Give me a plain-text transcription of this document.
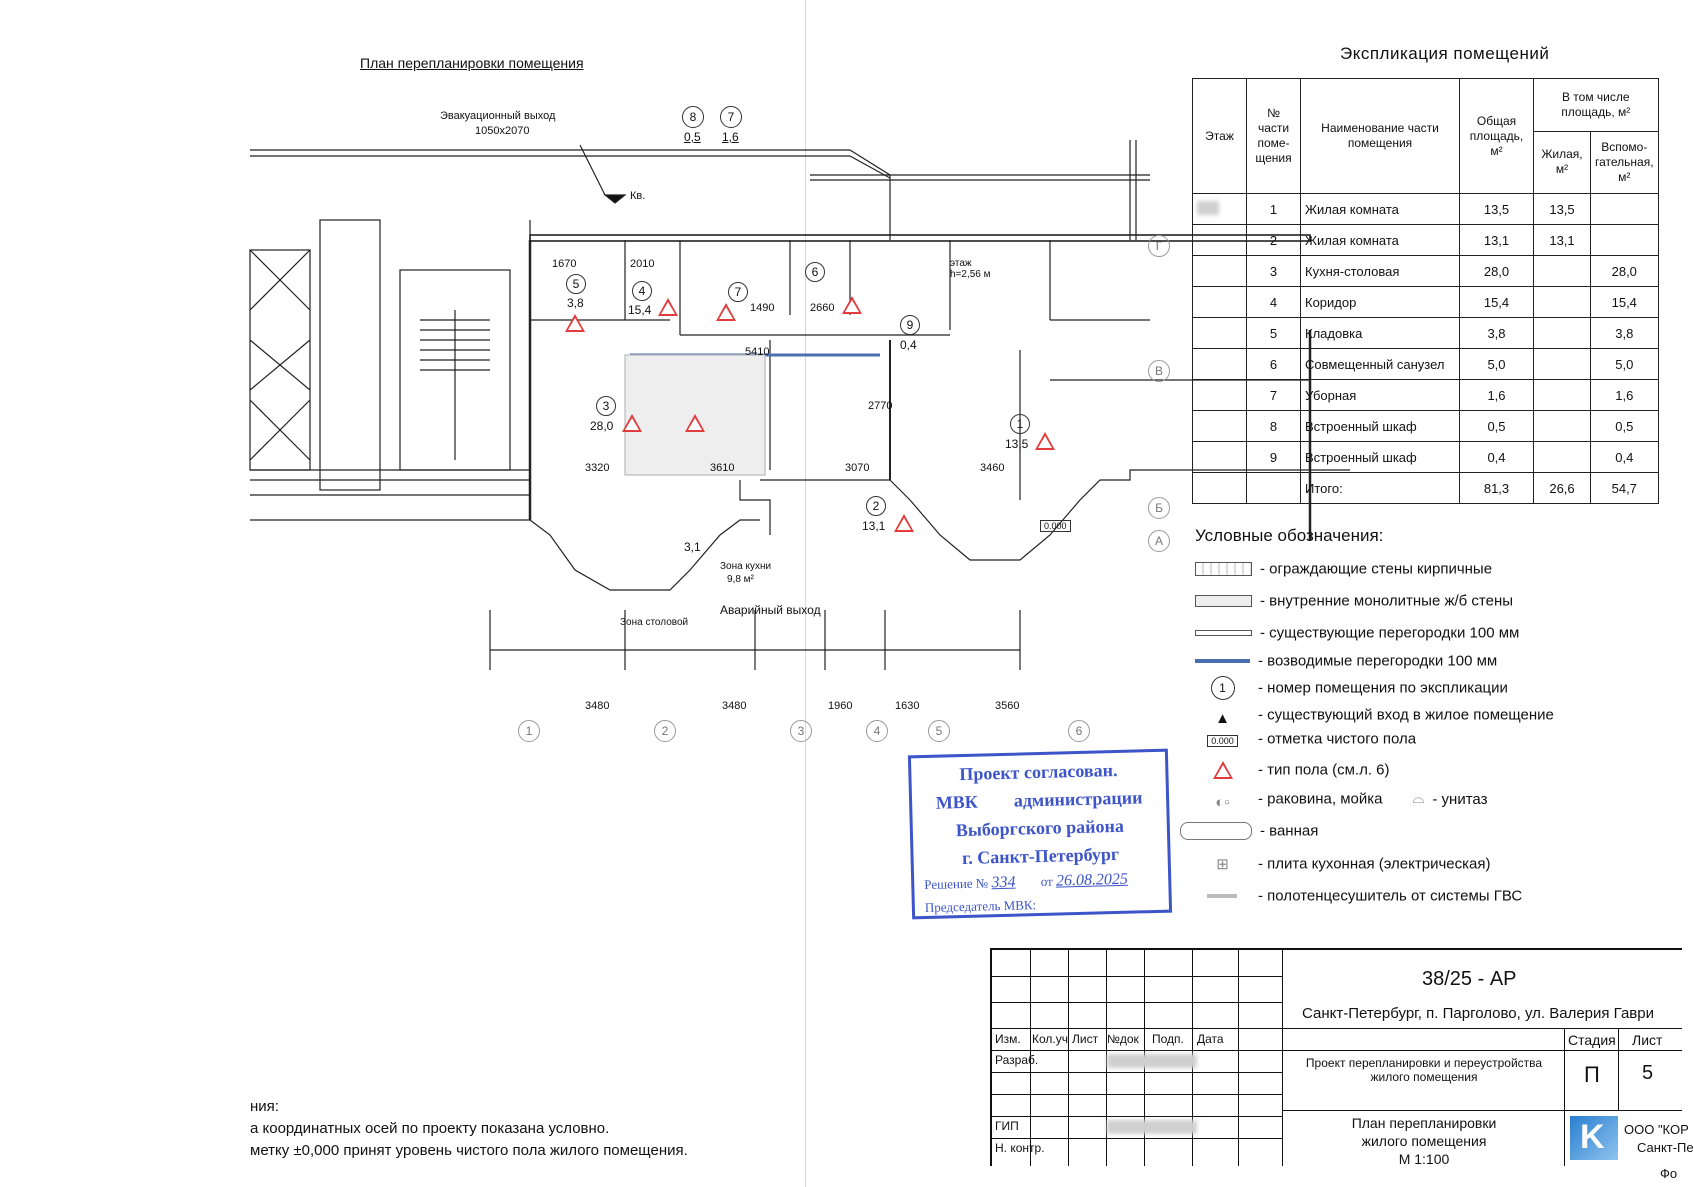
План перепланировки помещения
Эвакуационный выход
1050х2070
8
0,5
7
1,6
Кв.
этаж
h=2,56 м
5
3,8
4
15,4
7
6
9
0,4
3
28,0	1
13,5
2
13,1
1670	2010
1490	2660
5410
2770
3320	3610	3070	3460
3,1
Зона столовой
Зона кухни
9,8 м²
Аварийный выход
0.000
3480	3480	1960	1630	3560
1	2	3	4	5	6
Г
В
Б
А
Экспликация помещений
Этаж	№
части
поме-
щения	Наименование части помещения	Общая площадь, м²	В том числе площадь, м²	
				Жилая, м²	Вспомо-гательная, м²
	1	Жилая комната	13,5	13,5	
	2	Жилая комната	13,1	13,1	
	3	Кухня-столовая	28,0		28,0
	4	Коридор	15,4		15,4
	5	Кладовка	3,8		3,8
	6	Совмещенный санузел	5,0		5,0
	7	Уборная	1,6		1,6
	8	Встроенный шкаф	0,5		0,5
	9	Встроенный шкаф	0,4		0,4
		Итого:	81,3	26,6	54,7
Условные обозначения:
- ограждающие стены кирпичные
- внутренние монолитные ж/б стены
- существующие перегородки 100 мм
- возводимые перегородки 100 мм
1 - номер помещения по экспликации
▲ - существующий вход в жилое помещение
0.000 - отметка чистого пола
- тип пола (см.л. 6)
◐▫ - раковина, мойка ⌓ - унитаз
- ванная
⊞ - плита кухонная (электрическая)
- полотенцесушитель от системы ГВС
Проект согласован.
МВК        администрации
Выборгского района
г. Санкт-Петербург
Решение № 334 от 26.08.2025
Председатель МВК:
38/25 - АР
Санкт-Петербург, п. Парголово, ул. Валерия Гаври
Изм. Кол.уч Лист №док Подп. Дата
Разраб.
ГИП
Н. контр.
Проект перепланировки и переустройства жилого помещения
Стадия Лист
П 5
План перепланировки
жилого помещения
М 1:100
K ООО "КОР
Санкт-Пе
Фо
ния:
а координатных осей по проекту показана условно.
метку ±0,000 принят уровень чистого пола жилого помещения.
